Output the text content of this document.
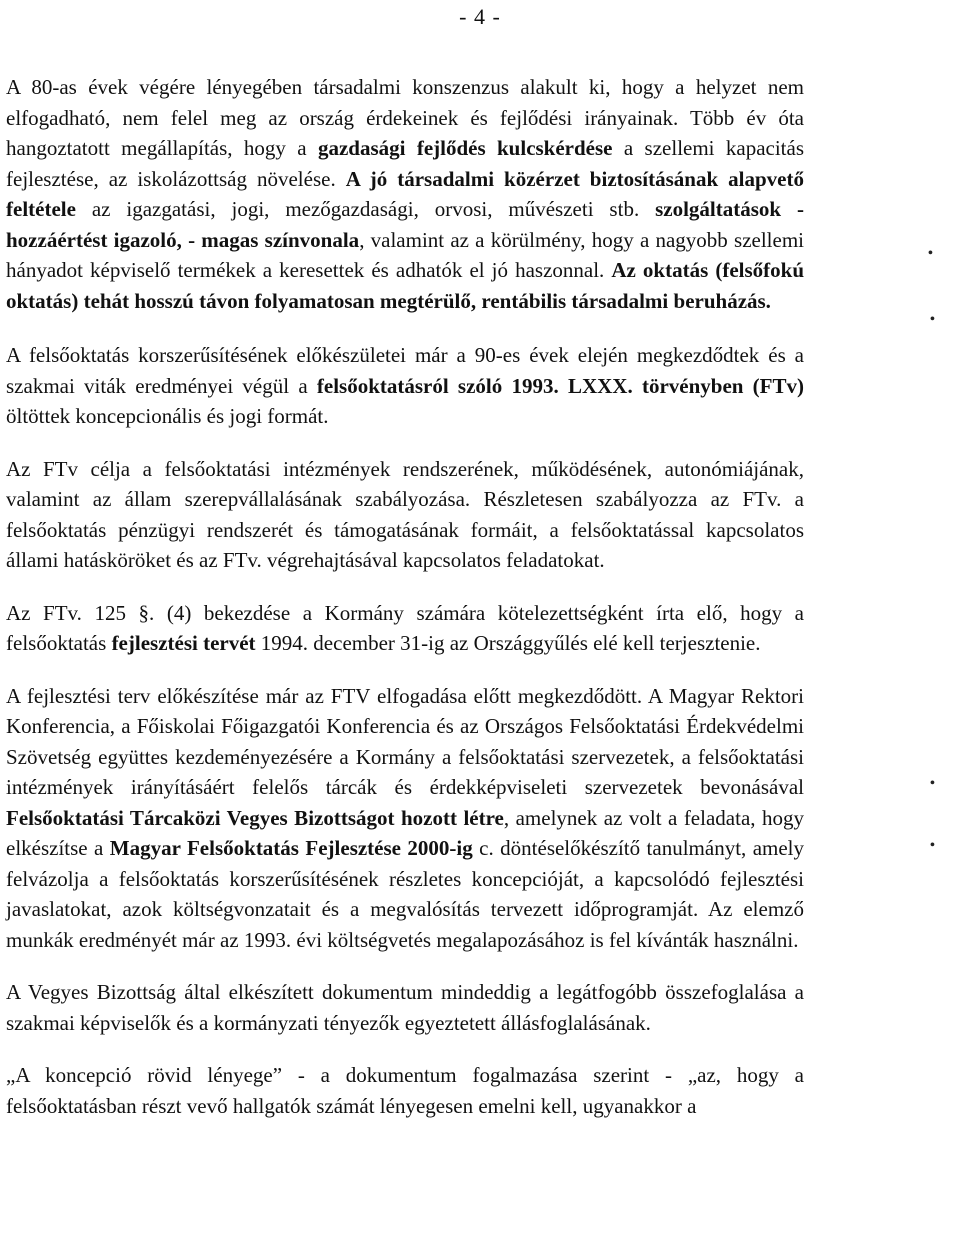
- 4 -

A 80-as évek végére lényegében társadalmi konszenzus alakult ki, hogy a helyzet nem elfogadható, nem felel meg az ország érdekeinek és fejlődési irányainak. Több év óta hangoztatott megállapítás, hogy a gazdasági fejlődés kulcskérdése a szellemi kapacitás fejlesztése, az iskolázottság növelése. A jó társadalmi közérzet biztosításának alapvető feltétele az igazgatási, jogi, mezőgazdasági, orvosi, művészeti stb. szolgáltatások - hozzáértést igazoló, - magas színvonala, valamint az a körülmény, hogy a nagyobb szellemi hányadot képviselő termékek a keresettek és adhatók el jó haszonnal. Az oktatás (felsőfokú oktatás) tehát hosszú távon folyamatosan megtérülő, rentábilis társadalmi beruházás.

A felsőoktatás korszerűsítésének előkészületei már a 90-es évek elején megkezdődtek és a szakmai viták eredményei végül a felsőoktatásról szóló 1993. LXXX. törvényben (FTv) öltöttek koncepcionális és jogi formát.

Az FTv célja a felsőoktatási intézmények rendszerének, működésének, autonómiájának, valamint az állam szerepvállalásának szabályozása. Részletesen szabályozza az FTv. a felsőoktatás pénzügyi rendszerét és támogatásának formáit, a felsőoktatással kapcsolatos állami hatásköröket és az FTv. végrehajtásával kapcsolatos feladatokat.

Az FTv. 125 §. (4) bekezdése a Kormány számára kötelezettségként írta elő, hogy a felsőoktatás fejlesztési tervét 1994. december 31-ig az Országgyűlés elé kell terjesztenie.

A fejlesztési terv előkészítése már az FTV elfogadása előtt megkezdődött. A Magyar Rektori Konferencia, a Főiskolai Főigazgatói Konferencia és az Országos Felsőoktatási Érdekvédelmi Szövetség együttes kezdeményezésére a Kormány a felsőoktatási szervezetek, a felsőoktatási intézmények irányításáért felelős tárcák és érdekképviseleti szervezetek bevonásával Felsőoktatási Tárcaközi Vegyes Bizottságot hozott létre, amelynek az volt a feladata, hogy elkészítse a Magyar Felsőoktatás Fejlesztése 2000-ig c. döntéselőkészítő tanulmányt, amely felvázolja a felsőoktatás korszerűsítésének részletes koncepcióját, a kapcsolódó fejlesztési javaslatokat, azok költségvonzatait és a megvalósítás tervezett időprogramját. Az elemző munkák eredményét már az 1993. évi költségvetés megalapozásához is fel kívánták használni.

A Vegyes Bizottság által elkészített dokumentum mindeddig a legátfogóbb összefoglalása a szakmai képviselők és a kormányzati tényezők egyeztetett állásfoglalásának.

„A koncepció rövid lényege” - a dokumentum fogalmazása szerint - „az, hogy a felsőoktatásban részt vevő hallgatók számát lényegesen emelni kell, ugyanakkor a

•
•
•
•
